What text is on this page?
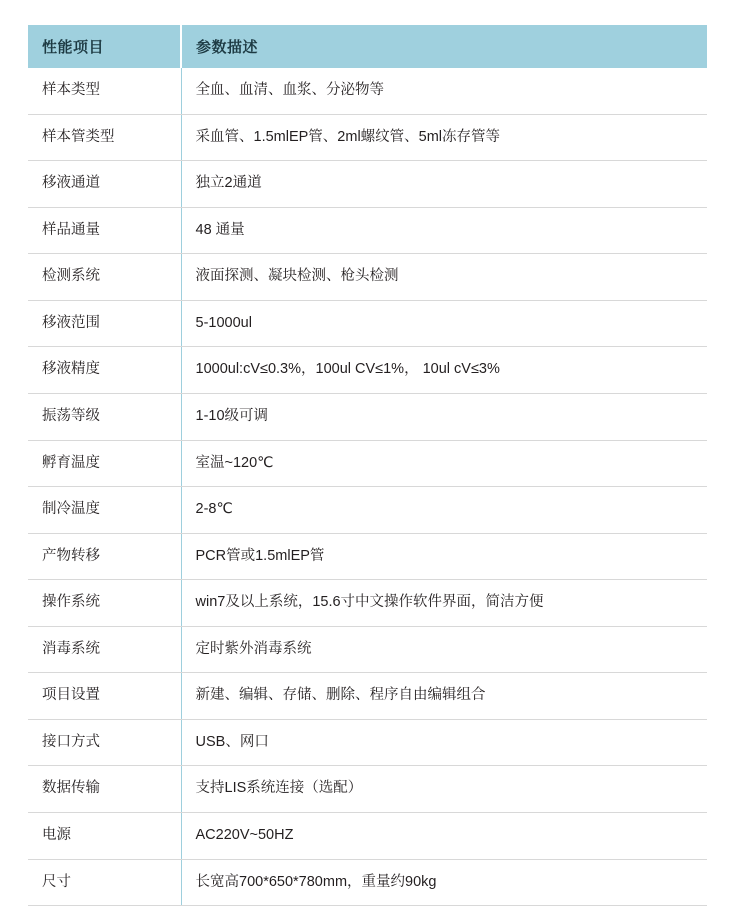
性能项目	参数描述
样本类型	全血、血清、血浆、分泌物等
样本管类型	采血管、1.5mlEP管、2ml螺纹管、5ml冻存管等
移液通道	独立2通道
样品通量	48 通量
检测系统	液面探测、凝块检测、枪头检测
移液范围	5-1000ul
移液精度	1000ul:cV≤0.3%，100ul CV≤1%， 10ul cV≤3%
振荡等级	1-10级可调
孵育温度	室温~120℃
制冷温度	2-8℃
产物转移	PCR管或1.5mlEP管
操作系统	win7及以上系统，15.6寸中文操作软件界面，简洁方便
消毒系统	定时紫外消毒系统
项目设置	新建、编辑、存储、删除、程序自由编辑组合
接口方式	USB、网口
数据传输	支持LIS系统连接（选配）
电源	AC220V~50HZ
尺寸	长宽高700*650*780mm，重量约90kg
